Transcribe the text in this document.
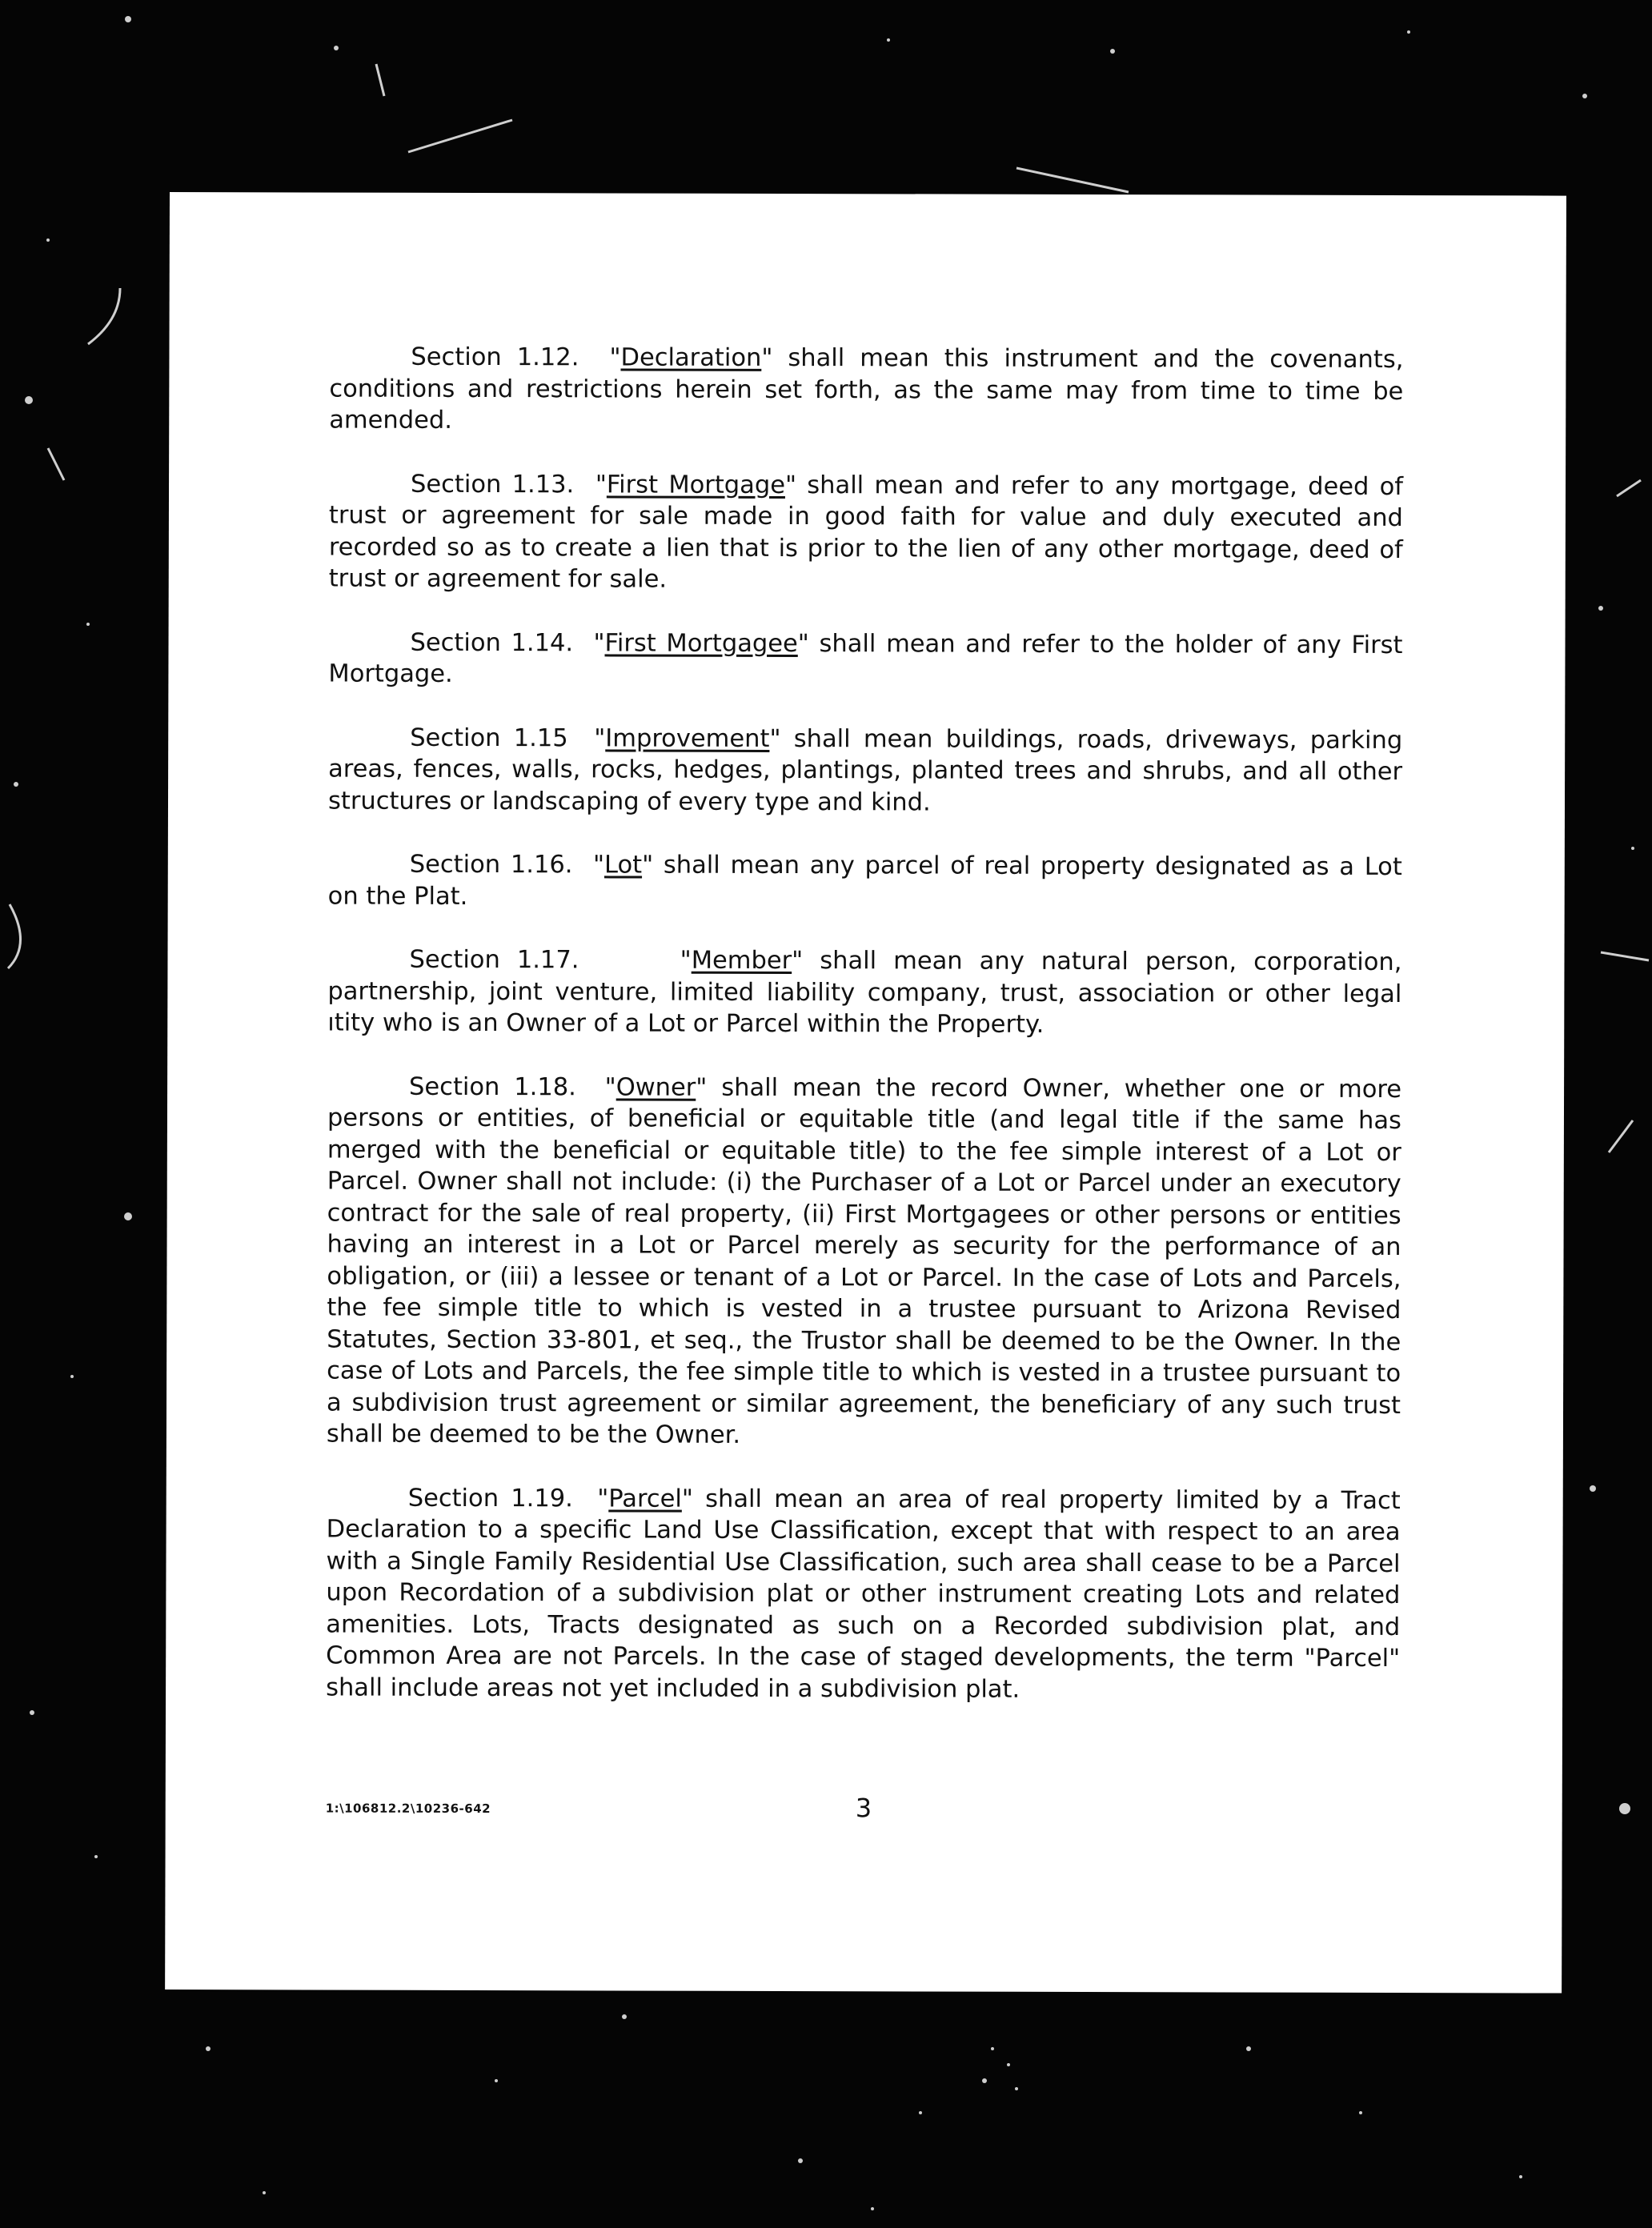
Section 1.12. "Declaration" shall mean this instrument and the covenants, conditions and restrictions herein set forth, as the same may from time to time be amended.

Section 1.13. "First Mortgage" shall mean and refer to any mortgage, deed of trust or agreement for sale made in good faith for value and duly executed and recorded so as to create a lien that is prior to the lien of any other mortgage, deed of trust or agreement for sale.

Section 1.14. "First Mortgagee" shall mean and refer to the holder of any First Mortgage.

Section 1.15 "Improvement" shall mean buildings, roads, driveways, parking areas, fences, walls, rocks, hedges, plantings, planted trees and shrubs, and all other structures or landscaping of every type and kind.

Section 1.16. "Lot" shall mean any parcel of real property designated as a Lot on the Plat.

Section 1.17.	"Member" shall mean any natural person, corporation, partnership, joint venture, limited liability company, trust, association or other legal ıtity who is an Owner of a Lot or Parcel within the Property.

Section 1.18. "Owner" shall mean the record Owner, whether one or more persons or entities, of beneficial or equitable title (and legal title if the same has merged with the beneficial or equitable title) to the fee simple interest of a Lot or Parcel. Owner shall not include: (i) the Purchaser of a Lot or Parcel under an executory contract for the sale of real property, (ii) First Mortgagees or other persons or entities having an interest in a Lot or Parcel merely as security for the performance of an obligation, or (iii) a lessee or tenant of a Lot or Parcel. In the case of Lots and Parcels, the fee simple title to which is vested in a trustee pursuant to Arizona Revised Statutes, Section 33-801, et seq., the Trustor shall be deemed to be the Owner. In the case of Lots and Parcels, the fee simple title to which is vested in a trustee pursuant to a subdivision trust agreement or similar agreement, the beneficiary of any such trust shall be deemed to be the Owner.

Section 1.19. "Parcel" shall mean an area of real property limited by a Tract Declaration to a specific Land Use Classification, except that with respect to an area with a Single Family Residential Use Classification, such area shall cease to be a Parcel upon Recordation of a subdivision plat or other instrument creating Lots and related amenities. Lots, Tracts designated as such on a Recorded subdivision plat, and Common Area are not Parcels. In the case of staged developments, the term "Parcel" shall include areas not yet included in a subdivision plat.

1:\106812.2\10236-642	3
